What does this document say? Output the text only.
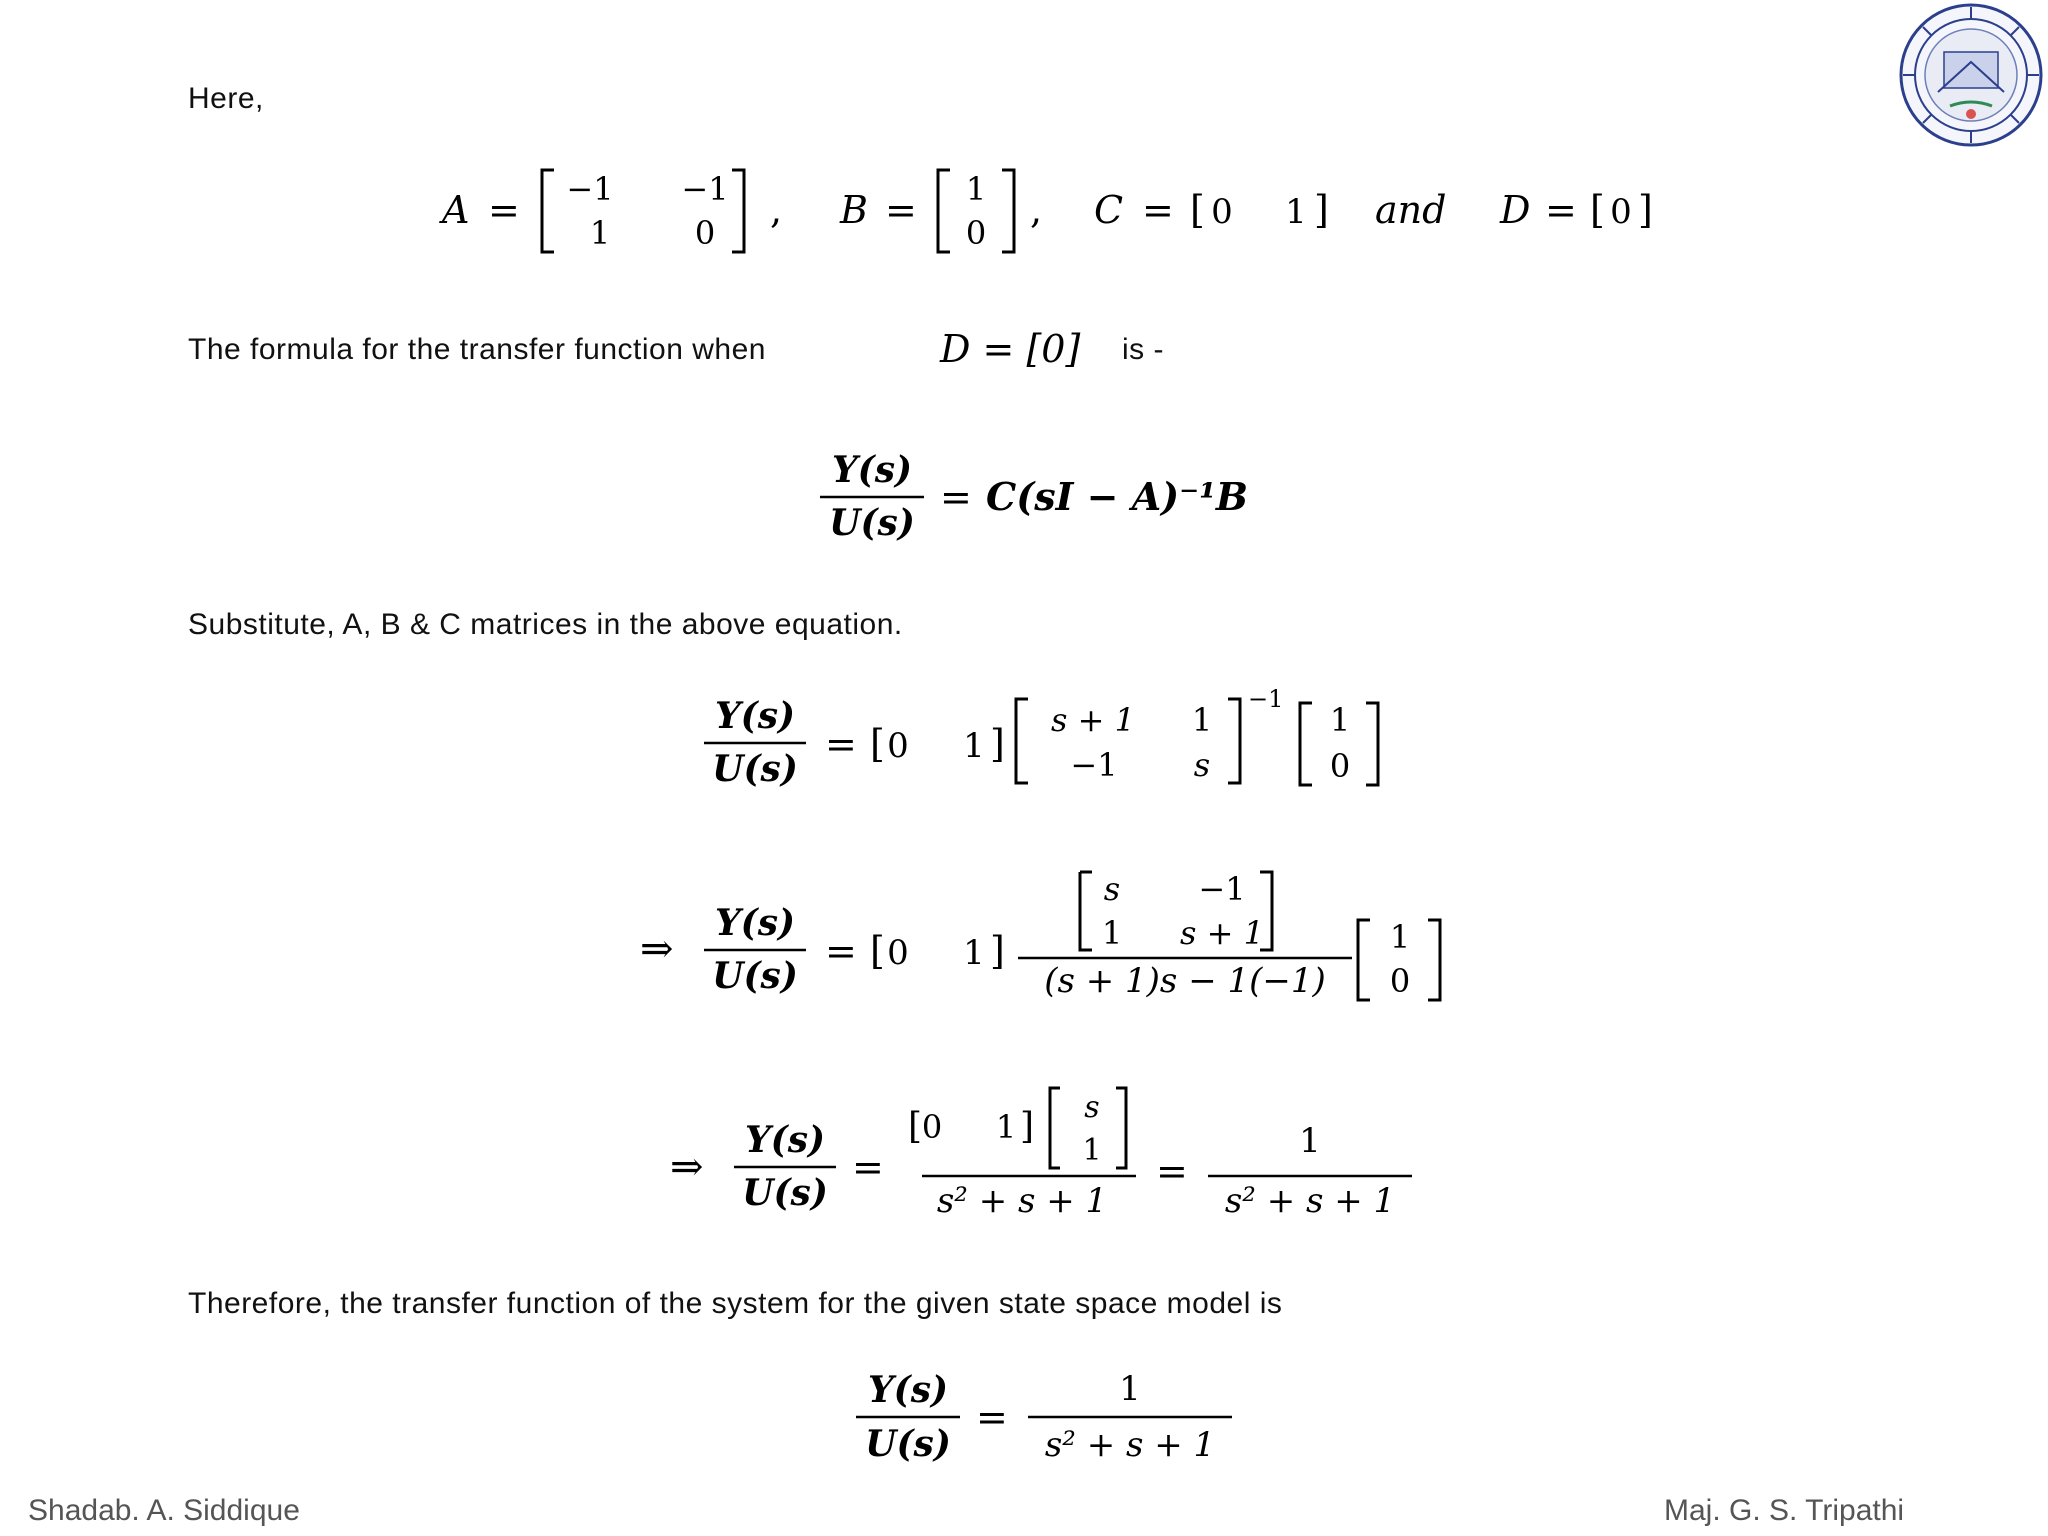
Here,
A = −1 −1
1	0
, B = 1
0
, C = [ 0 1 ] and D = [ 0 ]
The formula for the transfer function when	D = [0] is -
Y(s)
U(s)
= C(sI − A)⁻¹B
Substitute, A, B & C matrices in the above equation.
Y(s)
U(s)
= [ 0 1 ]
s + 1 1
−1 s
−1
1
0
⇒
Y(s)
U(s)
= [ 0 1 ]
s −1
1 s + 1
(s + 1)s − 1(−1)
1
0
⇒
Y(s)
U(s)
=
[ 0 1 ] s
1
s² + s + 1
=
1
s² + s + 1
Therefore, the transfer function of the system for the given state space model is
Y(s)
U(s)
=
1
s² + s + 1
Shadab. A. Siddique	Maj. G. S. Tripathi
